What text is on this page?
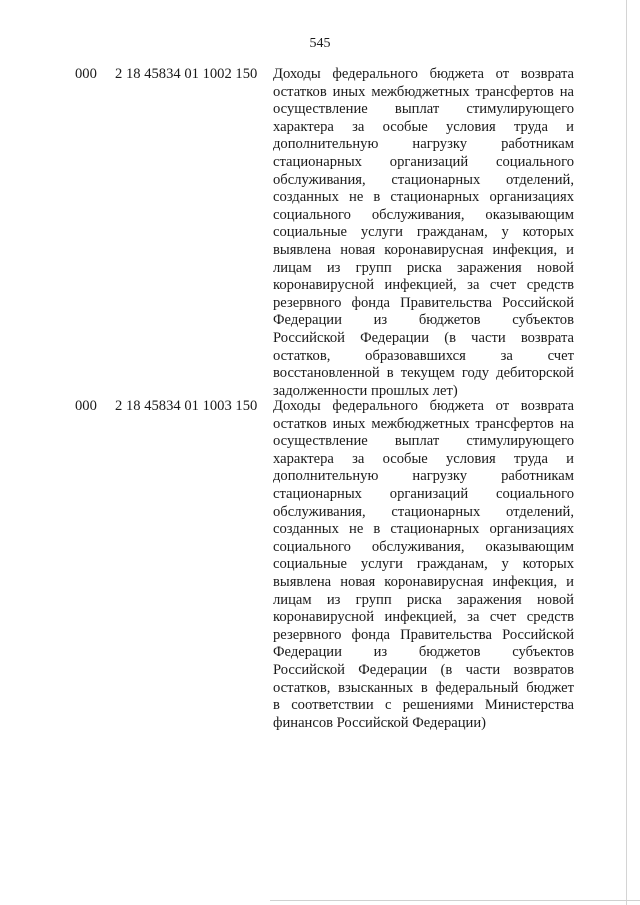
545
000 2 18 45834 01 1002 150 Доходы федерального бюджета от возврата
остатков иных межбюджетных трансфертов на
осуществление выплат стимулирующего
характера за особые условия труда и
дополнительную нагрузку работникам
стационарных организаций социального
обслуживания, стационарных отделений,
созданных не в стационарных организациях
социального обслуживания, оказывающим
социальные услуги гражданам, у которых
выявлена новая коронавирусная инфекция, и
лицам из групп риска заражения новой
коронавирусной инфекцией, за счет средств
резервного фонда Правительства Российской
Федерации из бюджетов субъектов
Российской Федерации (в части возврата
остатков, образовавшихся за счет
восстановленной в текущем году дебиторской
задолженности прошлых лет)
000 2 18 45834 01 1003 150 Доходы федерального бюджета от возврата
остатков иных межбюджетных трансфертов на
осуществление выплат стимулирующего
характера за особые условия труда и
дополнительную нагрузку работникам
стационарных организаций социального
обслуживания, стационарных отделений,
созданных не в стационарных организациях
социального обслуживания, оказывающим
социальные услуги гражданам, у которых
выявлена новая коронавирусная инфекция, и
лицам из групп риска заражения новой
коронавирусной инфекцией, за счет средств
резервного фонда Правительства Российской
Федерации из бюджетов субъектов
Российской Федерации (в части возвратов
остатков, взысканных в федеральный бюджет
в соответствии с решениями Министерства
финансов Российской Федерации)
